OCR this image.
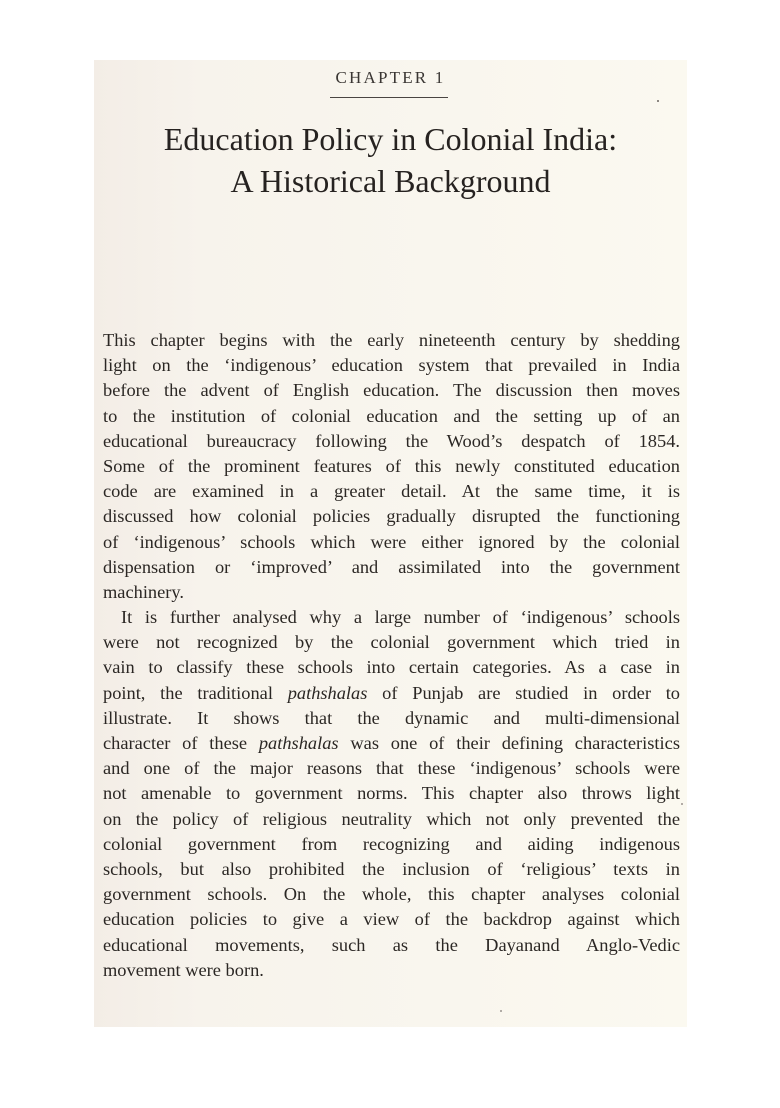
CHAPTER 1
Education Policy in Colonial India:
A Historical Background
This chapter begins with the early nineteenth century by shedding
light on the ‘indigenous’ education system that prevailed in India
before the advent of English education. The discussion then moves
to the institution of colonial education and the setting up of an
educational bureaucracy following the Wood’s despatch of 1854.
Some of the prominent features of this newly constituted education
code are examined in a greater detail. At the same time, it is
discussed how colonial policies gradually disrupted the functioning
of ‘indigenous’ schools which were either ignored by the colonial
dispensation or ‘improved’ and assimilated into the government
machinery.
It is further analysed why a large number of ‘indigenous’ schools
were not recognized by the colonial government which tried in
vain to classify these schools into certain categories. As a case in
point, the traditional pathshalas of Punjab are studied in order to
illustrate. It shows that the dynamic and multi-dimensional
character of these pathshalas was one of their defining characteristics
and one of the major reasons that these ‘indigenous’ schools were
not amenable to government norms. This chapter also throws light
on the policy of religious neutrality which not only prevented the
colonial government from recognizing and aiding indigenous
schools, but also prohibited the inclusion of ‘religious’ texts in
government schools. On the whole, this chapter analyses colonial
education policies to give a view of the backdrop against which
educational movements, such as the Dayanand Anglo-Vedic
movement were born.
